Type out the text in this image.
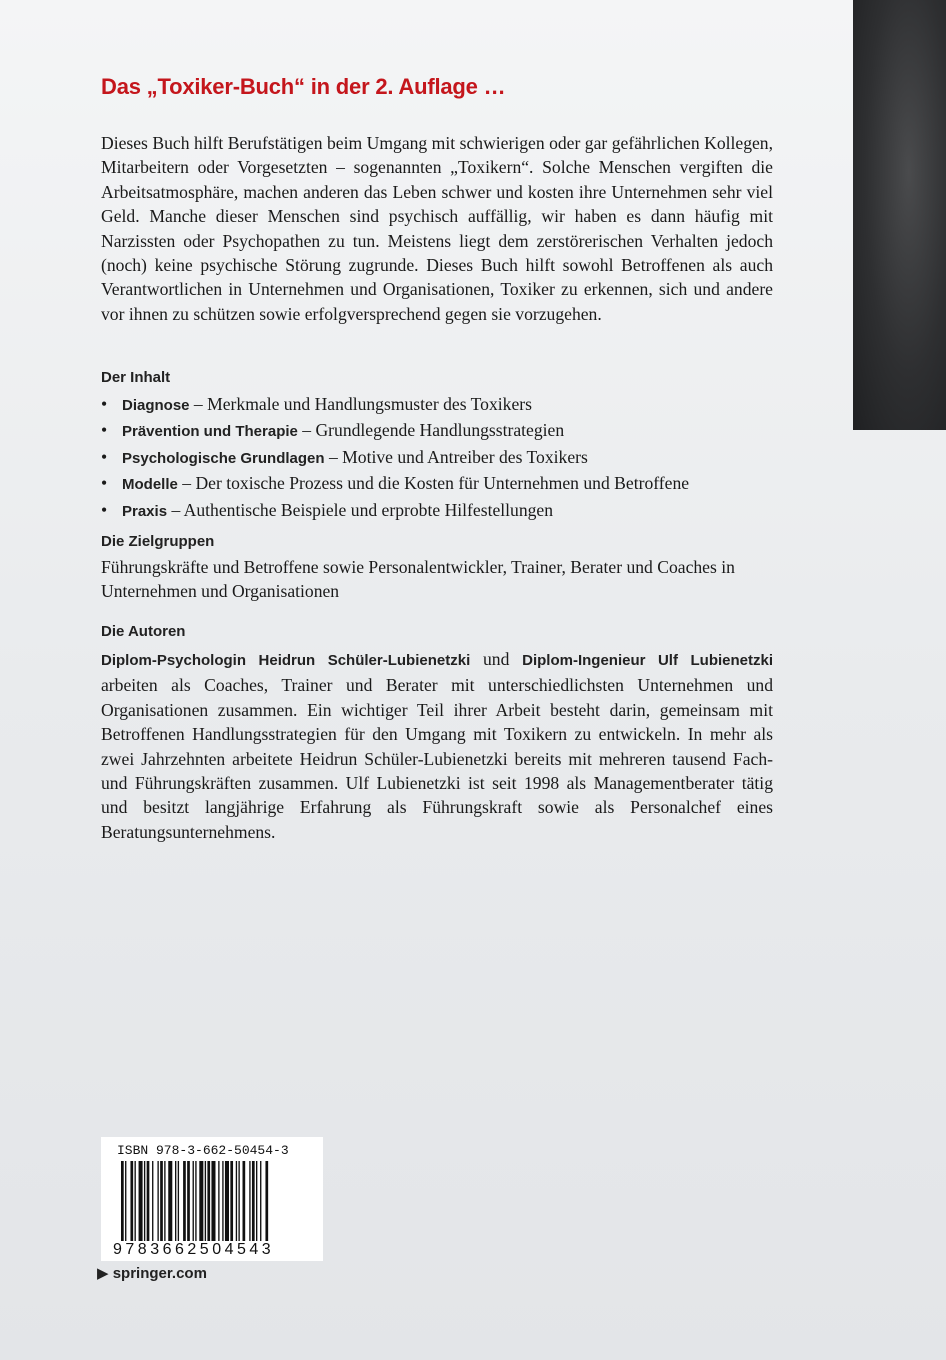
Das „Toxiker-Buch“ in der 2. Auflage …

Dieses Buch hilft Berufstätigen beim Umgang mit schwierigen oder gar gefährlichen Kollegen, Mitarbeitern oder Vorgesetzten – sogenannten „Toxikern“. Solche Menschen vergiften die Arbeitsatmosphäre, machen anderen das Leben schwer und kosten ihre Unternehmen sehr viel Geld. Manche dieser Menschen sind psychisch auffällig, wir haben es dann häufig mit Narzissten oder Psychopathen zu tun. Meistens liegt dem zerstörerischen Verhalten jedoch (noch) keine psychische Störung zugrunde. Dieses Buch hilft sowohl Betroffenen als auch Verantwortlichen in Unternehmen und Organisationen, Toxiker zu erkennen, sich und andere vor ihnen zu schützen sowie erfolgversprechend gegen sie vorzugehen.

Der Inhalt
• Diagnose – Merkmale und Handlungsmuster des Toxikers
• Prävention und Therapie – Grundlegende Handlungsstrategien
• Psychologische Grundlagen – Motive und Antreiber des Toxikers
• Modelle – Der toxische Prozess und die Kosten für Unternehmen und Betroffene
• Praxis – Authentische Beispiele und erprobte Hilfestellungen
Die Zielgruppen

Führungskräfte und Betroffene sowie Personalentwickler, Trainer, Berater und Coaches in Unternehmen und Organisationen

Die Autoren

Diplom-Psychologin Heidrun Schüler-Lubienetzki und Diplom-Ingenieur Ulf Lubienetzki arbeiten als Coaches, Trainer und Berater mit unterschiedlichsten Unternehmen und Organisationen zusammen. Ein wichtiger Teil ihrer Arbeit besteht darin, gemeinsam mit Betroffenen Handlungsstrategien für den Umgang mit Toxikern zu entwickeln. In mehr als zwei Jahrzehnten arbeitete Heidrun Schüler-Lubienetzki bereits mit mehreren tausend Fach- und Führungskräften zusammen. Ulf Lubienetzki ist seit 1998 als Managementberater tätig und besitzt langjährige Erfahrung als Führungskraft sowie als Personalchef eines Beratungsunternehmens.

ISBN 978-3-662-50454-3
9783662504543
▶ springer.com
